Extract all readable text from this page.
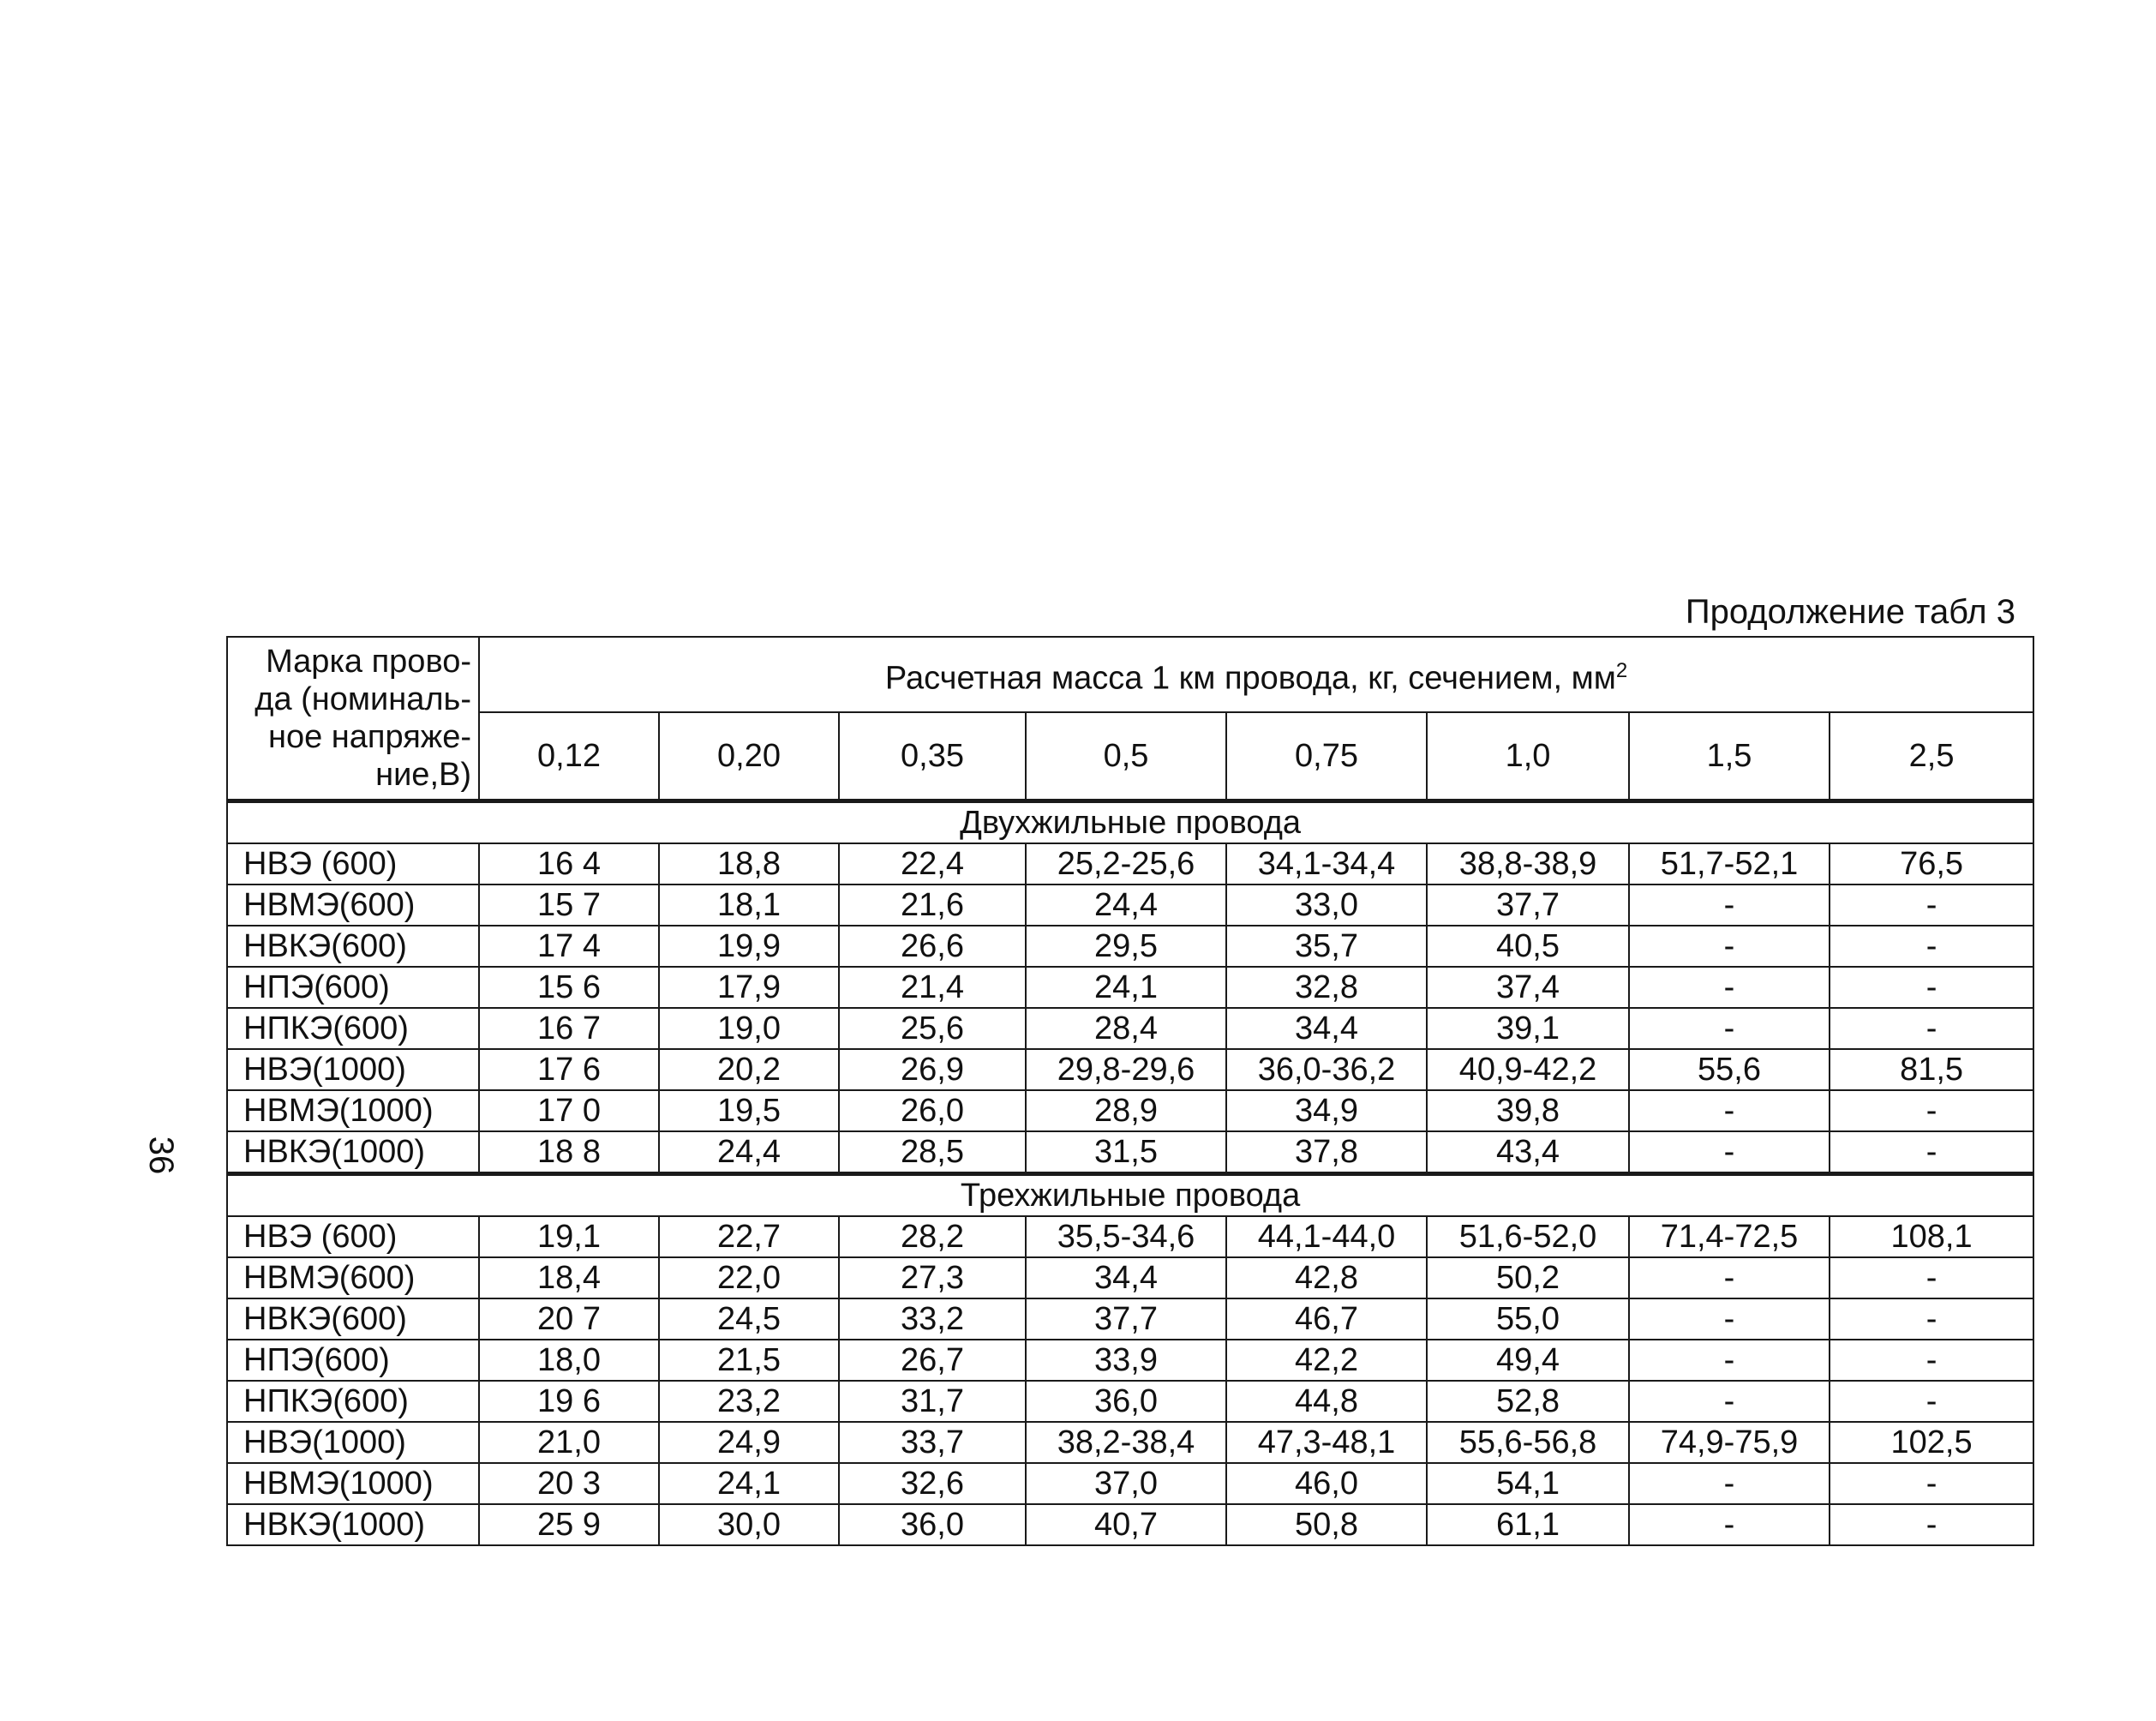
36
Продолжение табл 3
Марка прово-
да (номиналь-
ное напряже-
ние,В)	Расчетная масса 1 км провода, кг, сечением, $мм^2$
	0,12	0,20	0,35	0,5	0,75	1,0	1,5	2,5
Двухжильные провода								
НВЭ (600)	16 4	18,8	22,4	25,2-25,6	34,1-34,4	38,8-38,9	51,7-52,1	76,5
НВМЭ(600)	15 7	18,1	21,6	24,4	33,0	37,7	-	-
НВКЭ(600)	17 4	19,9	26,6	29,5	35,7	40,5	-	-
НПЭ(600)	15 6	17,9	21,4	24,1	32,8	37,4	-	-
НПКЭ(600)	16 7	19,0	25,6	28,4	34,4	39,1	-	-
НВЭ(1000)	17 6	20,2	26,9	29,8-29,6	36,0-36,2	40,9-42,2	55,6	81,5
НВМЭ(1000)	17 0	19,5	26,0	28,9	34,9	39,8	-	-
НВКЭ(1000)	18 8	24,4	28,5	31,5	37,8	43,4	-	-
Трехжильные провода								
НВЭ (600)	19,1	22,7	28,2	35,5-34,6	44,1-44,0	51,6-52,0	71,4-72,5	108,1
НВМЭ(600)	18,4	22,0	27,3	34,4	42,8	50,2	-	-
НВКЭ(600)	20 7	24,5	33,2	37,7	46,7	55,0	-	-
НПЭ(600)	18,0	21,5	26,7	33,9	42,2	49,4	-	-
НПКЭ(600)	19 6	23,2	31,7	36,0	44,8	52,8	-	-
НВЭ(1000)	21,0	24,9	33,7	38,2-38,4	47,3-48,1	55,6-56,8	74,9-75,9	102,5
НВМЭ(1000)	20 3	24,1	32,6	37,0	46,0	54,1	-	-
НВКЭ(1000)	25 9	30,0	36,0	40,7	50,8	61,1	-	-
